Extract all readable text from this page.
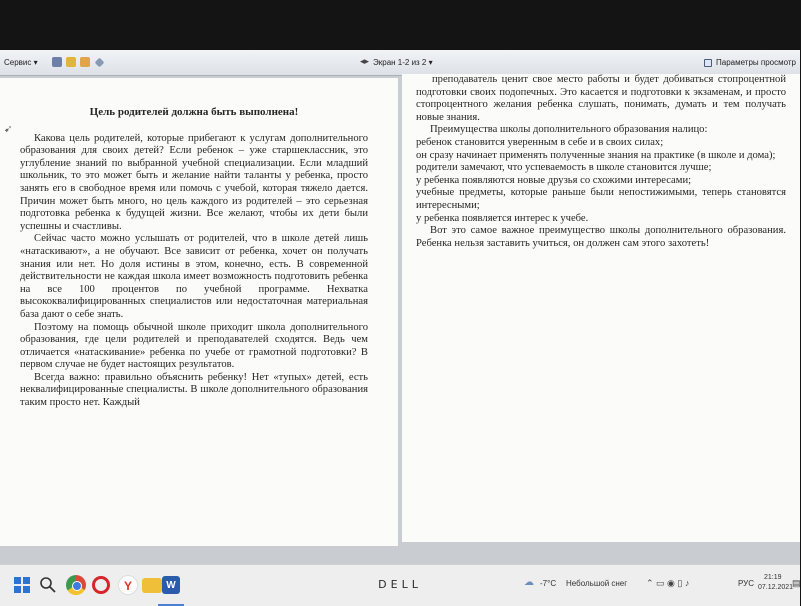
Сервис ▾	◂▸ Экран 1-2 из 2 ▾	Параметры просмотр
Цель родителей должна быть выполнена!

Какова цель родителей, которые прибегают к услугам дополнительного образования для своих детей? Если ребенок – уже старшеклассник, это углубление знаний по выбранной учебной специализации. Если младший школьник, то это может быть и желание найти таланты у ребенка, просто занять его в свободное время или помочь с учебой, которая тяжело дается. Причин может быть много, но цель каждого из родителей – это серьезная подготовка ребенка к будущей жизни. Все желают, чтобы их дети были успешны и счастливы.

Сейчас часто можно услышать от родителей, что в школе детей лишь «натаскивают», а не обучают. Все зависит от ребенка, хочет он получать знания или нет. Но доля истины в этом, конечно, есть. В современной действительности не каждая школа имеет возможность подготовить ребенка на все 100 процентов по учебной программе. Нехватка высококвалифицированных специалистов или недостаточная материальная база дают о себе знать.

Поэтому на помощь обычной школе приходит школа дополнительного образования, где цели родителей и преподавателей сходятся. Ведь чем отличается «натаскивание» ребенка по учебе от грамотной подготовки? В первом случае не будет настоящих результатов.

Всегда важно: правильно объяснить ребенку! Нет «тупых» детей, есть неквалифицированные специалисты. В школе дополнительного образования таким просто нет. Каждый

➹

преподаватель ценит свое место работы и будет добиваться стопроцентной подготовки своих подопечных. Это касается и подготовки к экзаменам, и просто стопроцентного желания ребенка слушать, понимать, думать и тем получать новые знания.

Преимущества школы дополнительного образования налицо:

ребенок становится уверенным в себе и в своих силах;

он сразу начинает применять полученные знания на практике (в школе и дома);

родители замечают, что успеваемость в школе становится лучше;

у ребенка появляются новые друзья со схожими интересами;

учебные предметы, которые раньше были непостижимыми, теперь становятся интересными;

у ребенка появляется интерес к учебе.

Вот это самое важное преимущество школы дополнительного образования. Ребенка нельзя заставить учиться, он должен сам этого захотеть!

Y	W	☁ -7°C Небольшой снег ⌃ ▭ ◉ ▯ ♪	РУС
21:19
07.12.2021
▤
DELL
